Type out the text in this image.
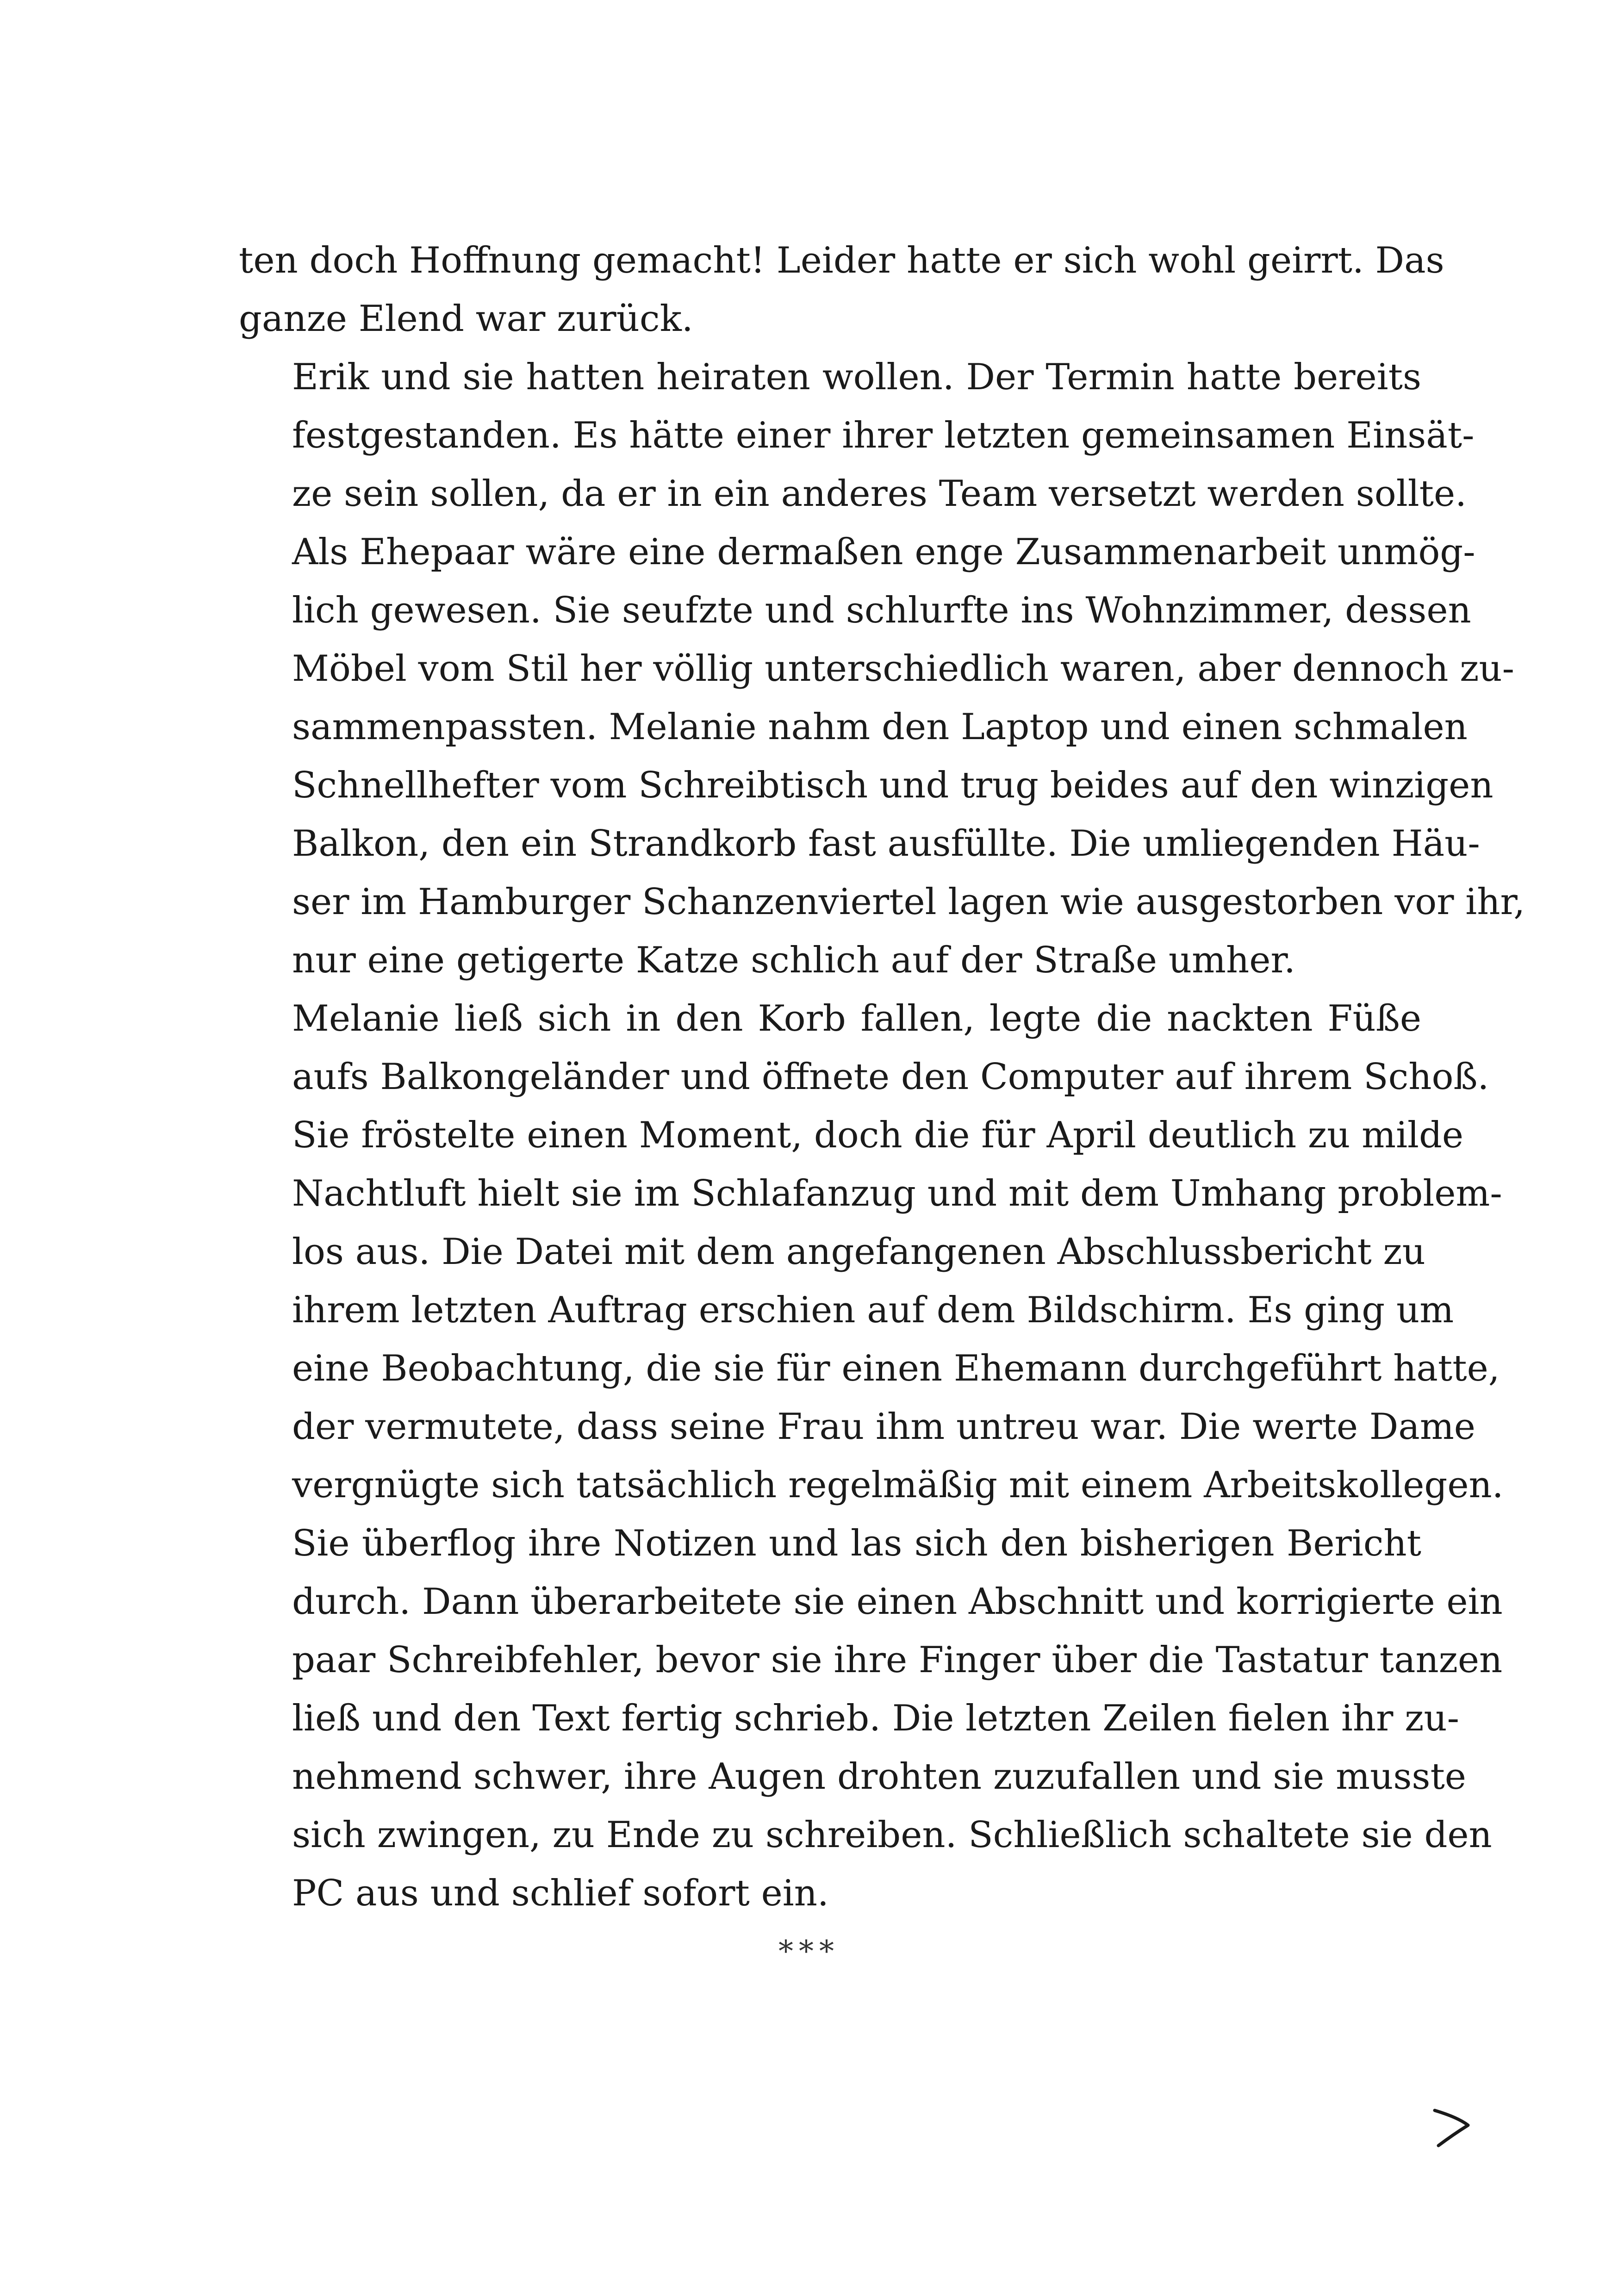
ten doch Hoffnung gemacht! Leider hatte er sich wohl geirrt. Das
ganze Elend war zurück.

Erik und sie hatten heiraten wollen. Der Termin hatte bereits
festgestanden. Es hätte einer ihrer letzten gemeinsamen Einsät-
ze sein sollen, da er in ein anderes Team versetzt werden sollte.
Als Ehepaar wäre eine dermaßen enge Zusammenarbeit unmög-
lich gewesen. Sie seufzte und schlurfte ins Wohnzimmer, dessen
Möbel vom Stil her völlig unterschiedlich waren, aber dennoch zu-
sammenpassten. Melanie nahm den Laptop und einen schmalen
Schnellhefter vom Schreibtisch und trug beides auf den winzigen
Balkon, den ein Strandkorb fast ausfüllte. Die umliegenden Häu-
ser im Hamburger Schanzenviertel lagen wie ausgestorben vor ihr,
nur eine getigerte Katze schlich auf der Straße umher.

Melanie ließ sich in den Korb fallen, legte die nackten Füße
aufs Balkongeländer und öffnete den Computer auf ihrem Schoß.
Sie fröstelte einen Moment, doch die für April deutlich zu milde
Nachtluft hielt sie im Schlafanzug und mit dem Umhang problem-
los aus. Die Datei mit dem angefangenen Abschlussbericht zu
ihrem letzten Auftrag erschien auf dem Bildschirm. Es ging um
eine Beobachtung, die sie für einen Ehemann durchgeführt hatte,
der vermutete, dass seine Frau ihm untreu war. Die werte Dame
vergnügte sich tatsächlich regelmäßig mit einem Arbeitskollegen.

Sie überflog ihre Notizen und las sich den bisherigen Bericht
durch. Dann überarbeitete sie einen Abschnitt und korrigierte ein
paar Schreibfehler, bevor sie ihre Finger über die Tastatur tanzen
ließ und den Text fertig schrieb. Die letzten Zeilen fielen ihr zu-
nehmend schwer, ihre Augen drohten zuzufallen und sie musste
sich zwingen, zu Ende zu schreiben. Schließlich schaltete sie den
PC aus und schlief sofort ein.

***
